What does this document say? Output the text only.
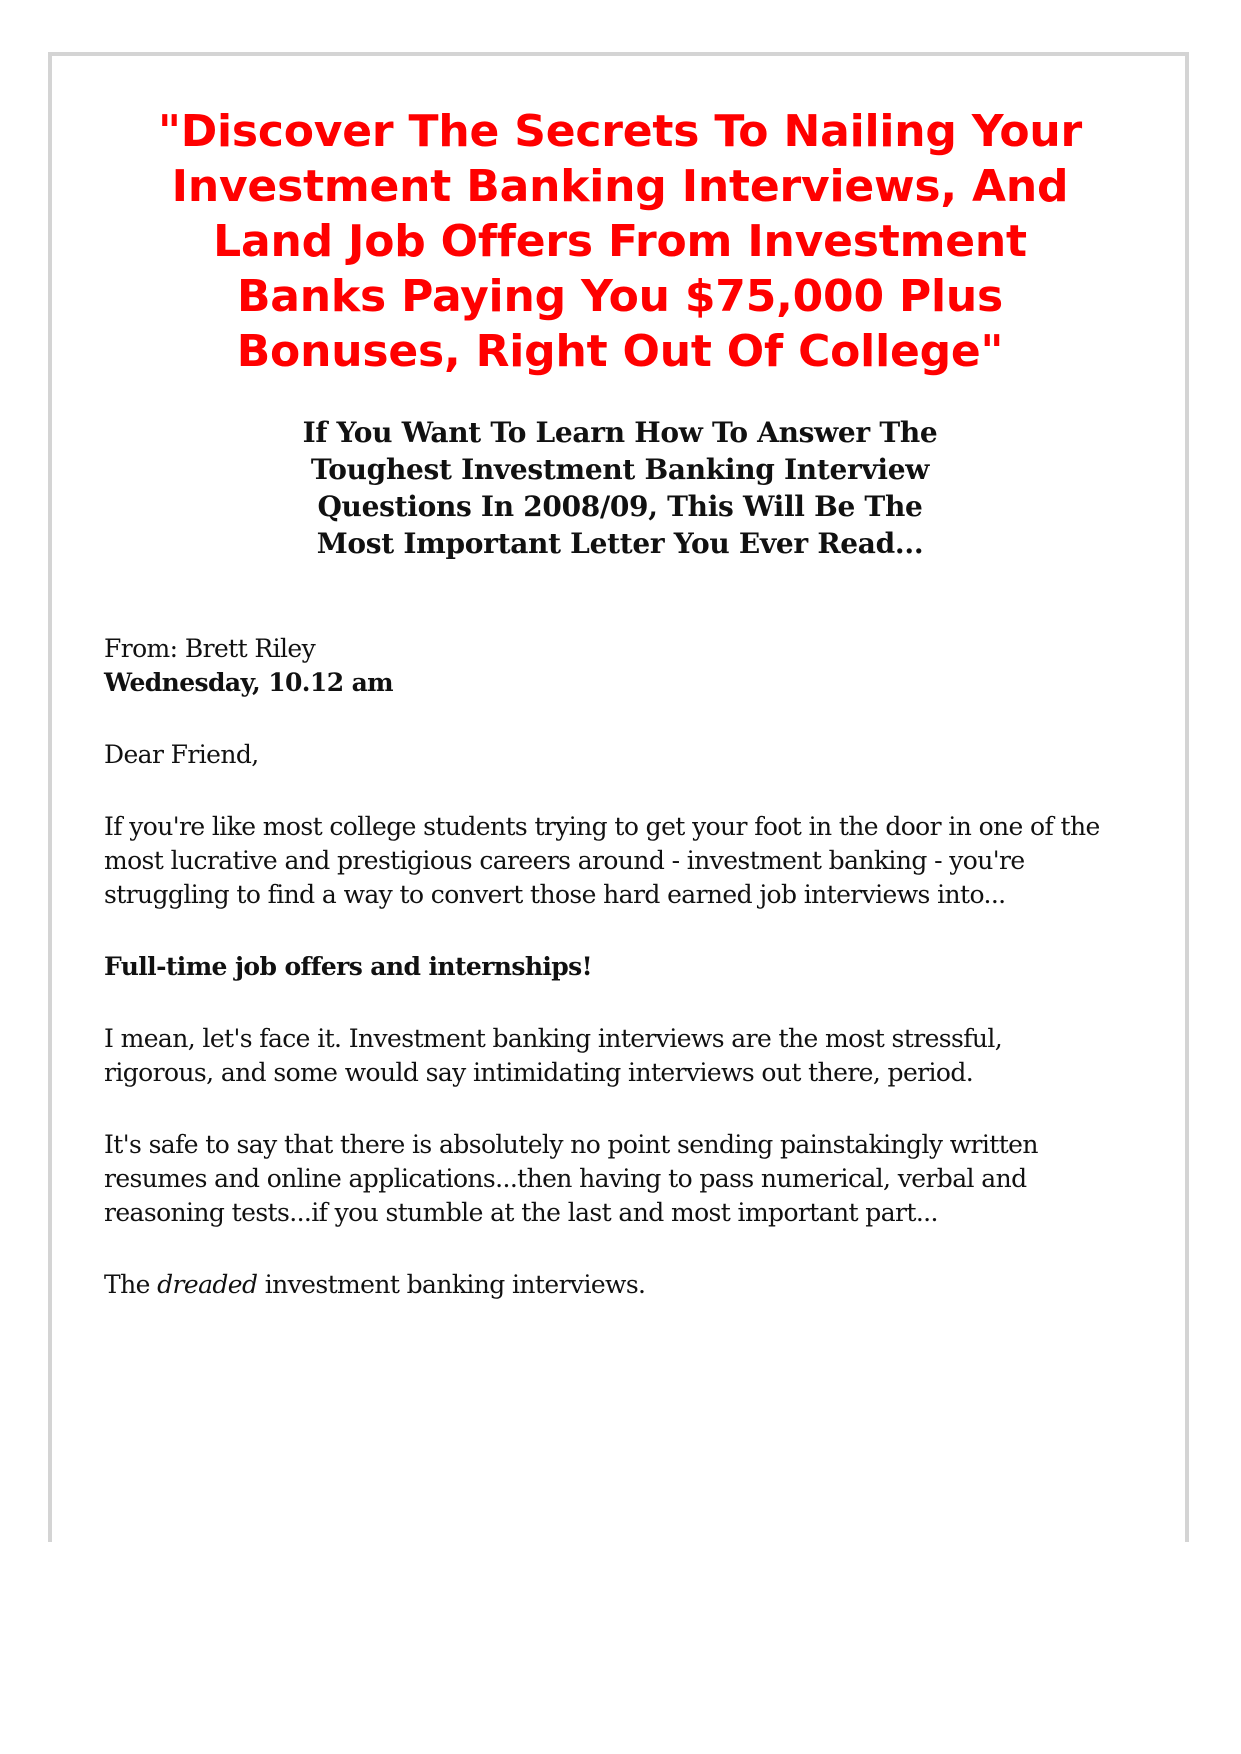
"Discover The Secrets To Nailing Your
Investment Banking Interviews, And
Land Job Offers From Investment
Banks Paying You $75,000 Plus
Bonuses, Right Out Of College"
If You Want To Learn How To Answer The
Toughest Investment Banking Interview
Questions In 2008/09, This Will Be The
Most Important Letter You Ever Read...

From: Brett Riley

Wednesday, 10.12 am

Dear Friend,

If you're like most college students trying to get your foot in the door in one of the
most lucrative and prestigious careers around - investment banking - you're
struggling to find a way to convert those hard earned job interviews into...

Full-time job offers and internships!

I mean, let's face it. Investment banking interviews are the most stressful,
rigorous, and some would say intimidating interviews out there, period.

It's safe to say that there is absolutely no point sending painstakingly written
resumes and online applications...then having to pass numerical, verbal and
reasoning tests...if you stumble at the last and most important part...

The dreaded investment banking interviews.
